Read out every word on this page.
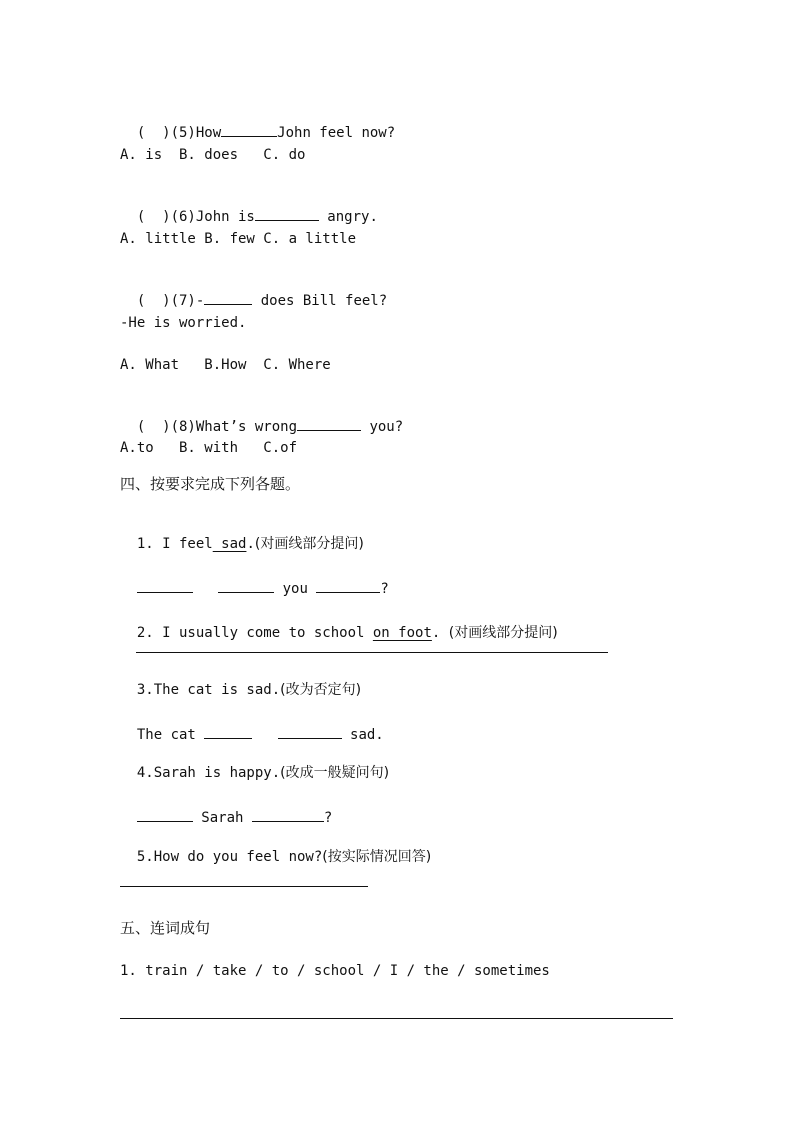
(  )(5)How	John feel now?

A. is  B. does   C. do

(  )(6)John is	angry.

A. little B. few C. a little

(  )(7)-	does Bill feel?

-He is worried.
A. What   B.How  C. Where

(  )(8)What’s wrong	you?

A.to   B. with   C.of
四、按要求完成下列各题。

1. I feel sad.(对画线部分提问)

you	?

2. I usually come to school on foot. (对画线部分提问)

3.The cat is sad.(改为否定句)

The cat	sad.

4.Sarah is happy.(改成一般疑问句)

Sarah	?

5.How do you feel now?(按实际情况回答)

五、连词成句
1. train / take / to / school / I / the / sometimes
